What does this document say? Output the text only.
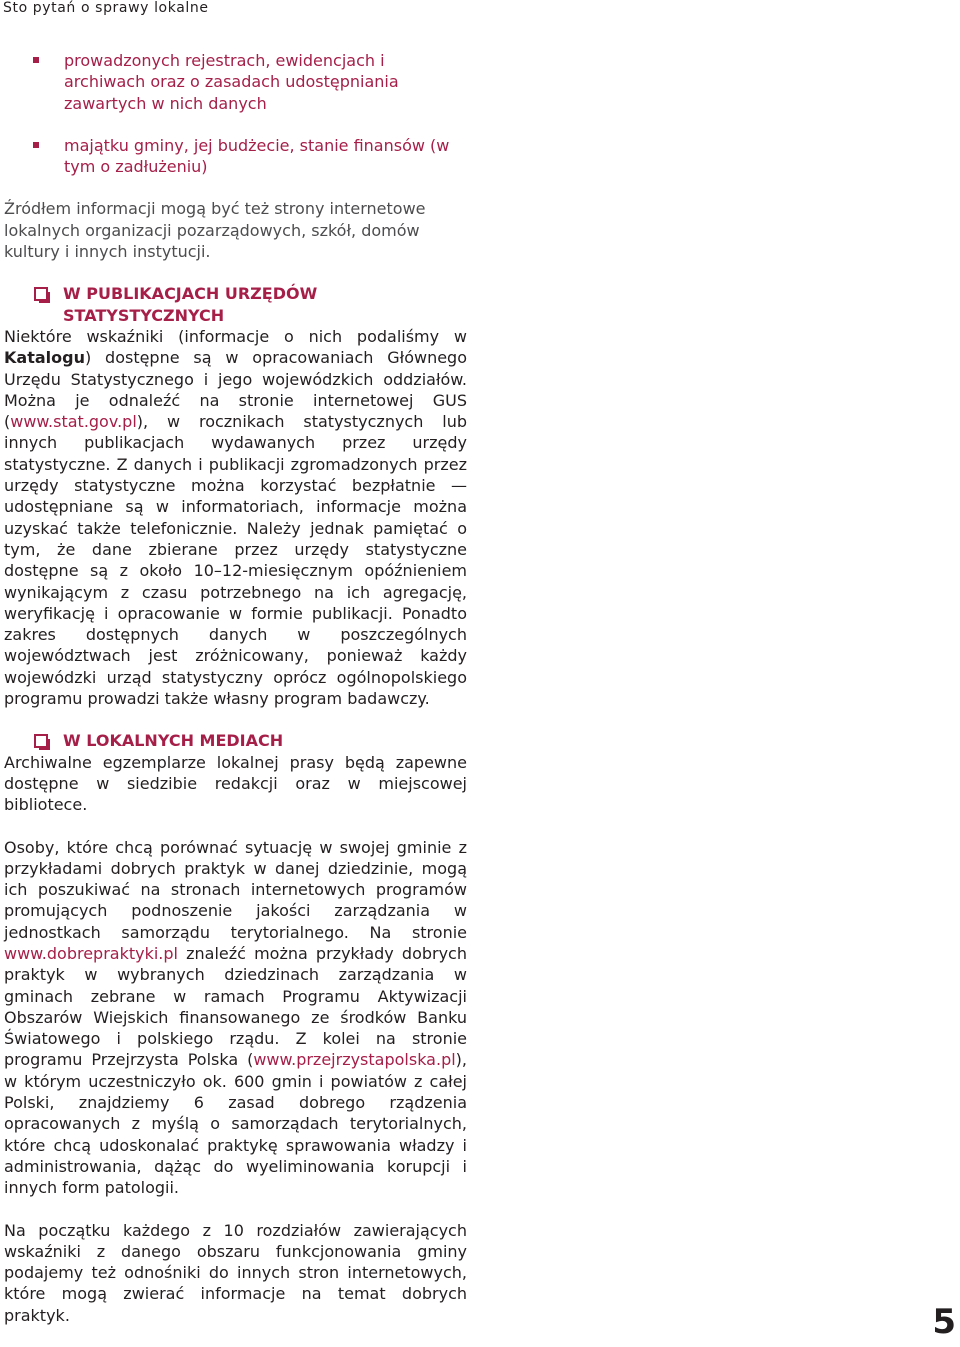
Sto pytań o sprawy lokalne
prowadzonych rejestrach, ewidencjach i archiwach oraz o zasadach udostępniania zawartych w nich danych
majątku gminy, jej budżecie, stanie finansów (w tym o zadłużeniu)

Źródłem informacji mogą być też strony internetowe lokalnych organizacji pozarządowych, szkół, domów kultury i innych instytucji.

W PUBLIKACJACH URZĘDÓW STATYSTYCZNYCH

Niektóre wskaźniki (informacje o nich podaliśmy w Katalogu) dostępne są w opracowaniach Głównego Urzędu Statystycznego i jego wojewódzkich oddziałów. Można je odnaleźć na stronie internetowej GUS (www.stat.gov.pl), w rocznikach statystycznych lub innych publikacjach wydawanych przez urzędy statystyczne. Z danych i publikacji zgromadzonych przez urzędy statystyczne można korzystać bezpłatnie — udostępniane są w informatoriach, informacje można uzyskać także telefonicznie. Należy jednak pamiętać o tym, że dane zbierane przez urzędy statystyczne dostępne są z około 10–12-miesięcznym opóźnieniem wynikającym z czasu potrzebnego na ich agregację, weryfikację i opracowanie w formie publikacji. Ponadto zakres dostępnych danych w poszczególnych województwach jest zróżnicowany, ponieważ każdy wojewódzki urząd statystyczny oprócz ogólnopolskiego programu prowadzi także własny program badawczy.

W LOKALNYCH MEDIACH

Archiwalne egzemplarze lokalnej prasy będą zapewne dostępne w siedzibie redakcji oraz w miejscowej bibliotece.

Osoby, które chcą porównać sytuację w swojej gminie z przykładami dobrych praktyk w danej dziedzinie, mogą ich poszukiwać na stronach internetowych programów promujących podnoszenie jakości zarządzania w jednostkach samorządu terytorialnego. Na stronie www.dobrepraktyki.pl znaleźć można przykłady dobrych praktyk w wybranych dziedzinach zarządzania w gminach zebrane w ramach Programu Aktywizacji Obszarów Wiejskich finansowanego ze środków Banku Światowego i polskiego rządu. Z kolei na stronie programu Przejrzysta Polska (www.przejrzystapolska.pl), w którym uczestniczyło ok. 600 gmin i powiatów z całej Polski, znajdziemy 6 zasad dobrego rządzenia opracowanych z myślą o samorządach terytorialnych, które chcą udoskonalać praktykę sprawowania władzy i administrowania, dążąc do wyeliminowania korupcji i innych form patologii.

Na początku każdego z 10 rozdziałów zawierających wskaźniki z danego obszaru funkcjonowania gminy podajemy też odnośniki do innych stron internetowych, które mogą zwierać informacje na temat dobrych praktyk.	5
